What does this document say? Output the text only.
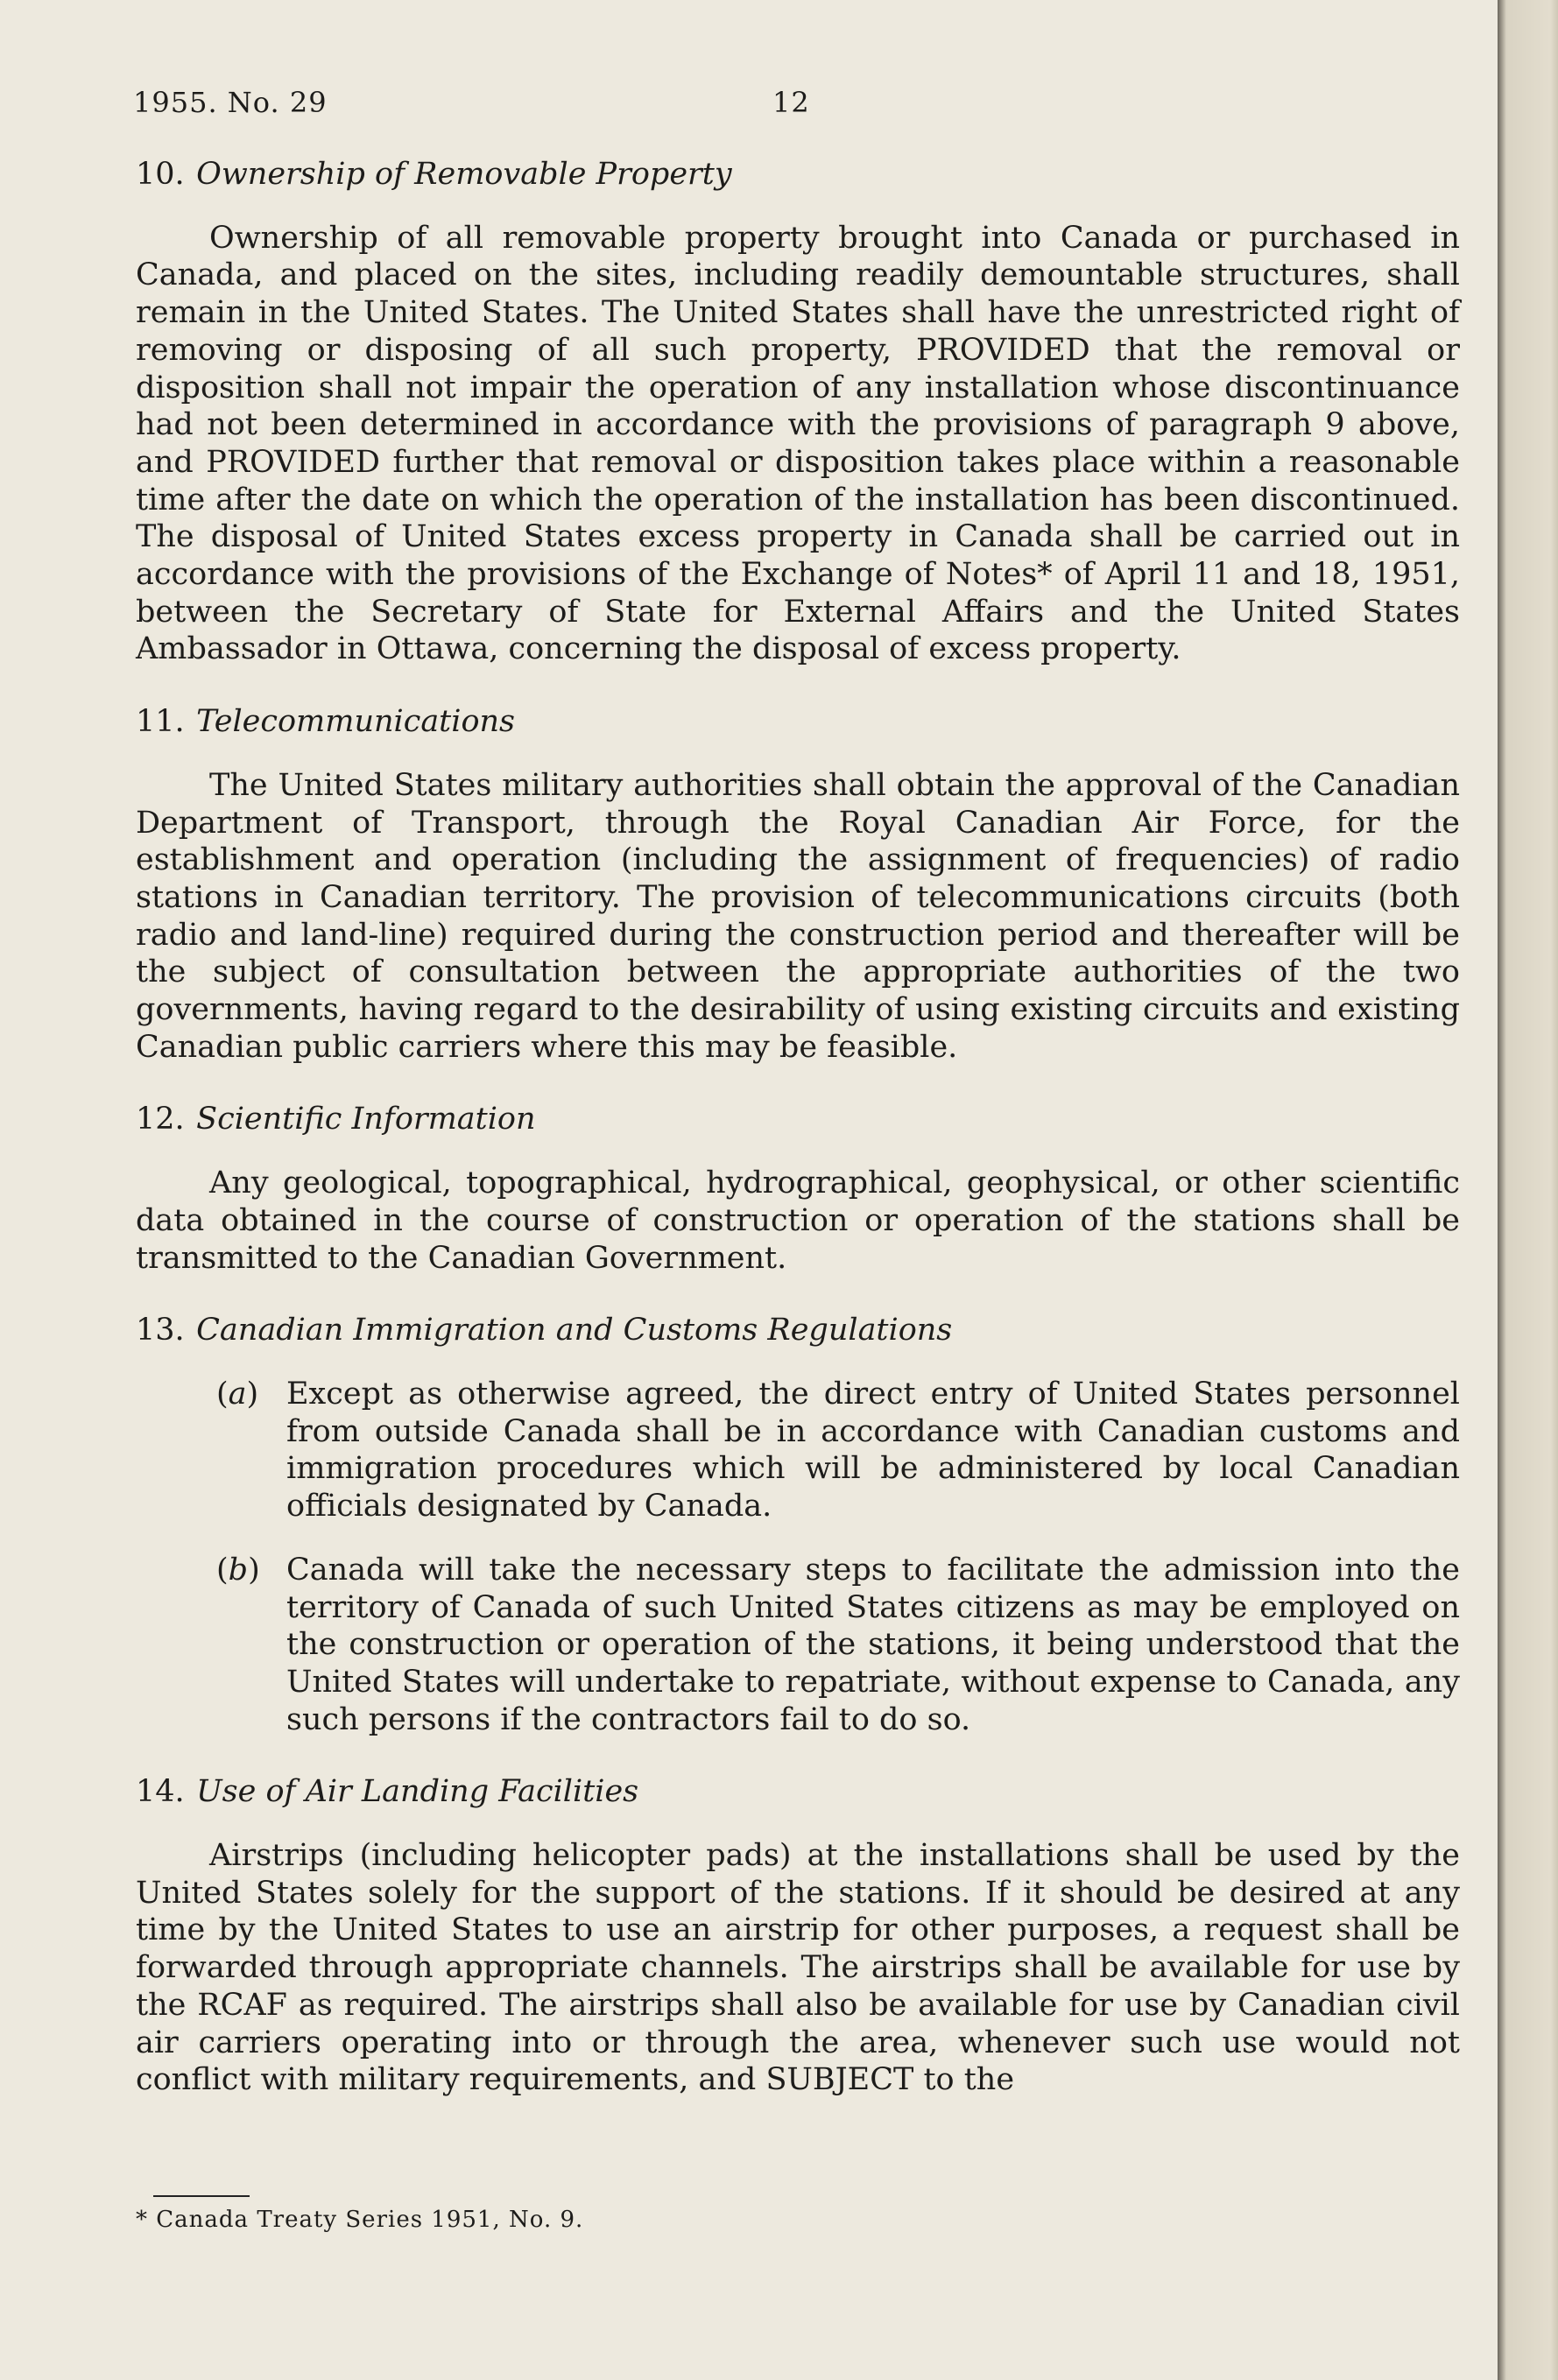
1955. No. 29	12
10. Ownership of Removable Property

Ownership of all removable property brought into Canada or purchased in Canada, and placed on the sites, including readily demountable structures, shall remain in the United States. The United States shall have the unrestricted right of removing or disposing of all such property, PROVIDED that the removal or disposition shall not impair the operation of any installation whose discontinuance had not been determined in accordance with the provisions of paragraph 9 above, and PROVIDED further that removal or disposition takes place within a reasonable time after the date on which the operation of the installation has been discontinued. The disposal of United States excess property in Canada shall be carried out in accordance with the provisions of the Exchange of Notes* of April 11 and 18, 1951, between the Secretary of State for External Affairs and the United States Ambassador in Ottawa, concerning the disposal of excess property.

11. Telecommunications

The United States military authorities shall obtain the approval of the Canadian Department of Transport, through the Royal Canadian Air Force, for the establishment and operation (including the assignment of frequencies) of radio stations in Canadian territory. The provision of telecommunications circuits (both radio and land-line) required during the construction period and thereafter will be the subject of consultation between the appropriate authorities of the two governments, having regard to the desirability of using existing circuits and existing Canadian public carriers where this may be feasible.

12. Scientific Information

Any geological, topographical, hydrographical, geophysical, or other scientific data obtained in the course of construction or operation of the stations shall be transmitted to the Canadian Government.

13. Canadian Immigration and Customs Regulations
(a) Except as otherwise agreed, the direct entry of United States personnel from outside Canada shall be in accordance with Canadian customs and immigration procedures which will be administered by local Canadian officials designated by Canada.
(b) Canada will take the necessary steps to facilitate the admission into the territory of Canada of such United States citizens as may be employed on the construction or operation of the stations, it being understood that the United States will undertake to repatriate, without expense to Canada, any such persons if the contractors fail to do so.
14. Use of Air Landing Facilities

Airstrips (including helicopter pads) at the installations shall be used by the United States solely for the support of the stations. If it should be desired at any time by the United States to use an airstrip for other purposes, a request shall be forwarded through appropriate channels. The airstrips shall be available for use by the RCAF as required. The airstrips shall also be available for use by Canadian civil air carriers operating into or through the area, whenever such use would not conflict with military requirements, and SUBJECT to the

* Canada Treaty Series 1951, No. 9.
